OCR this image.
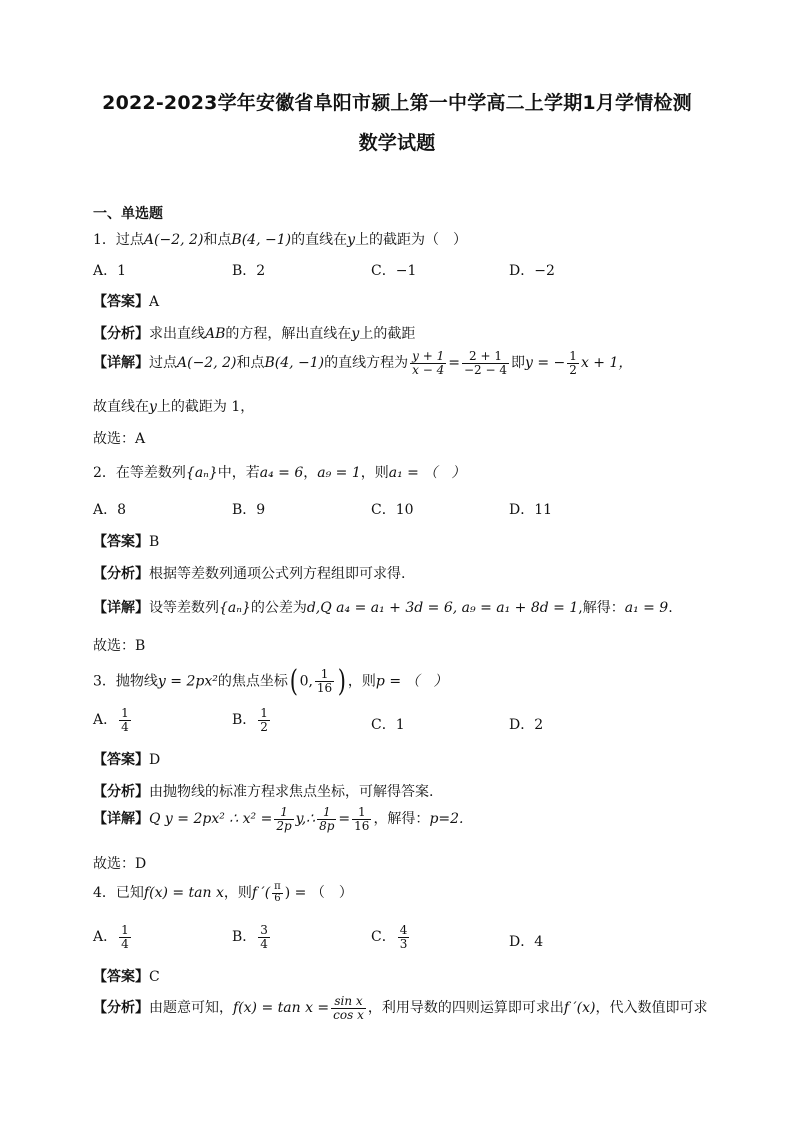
2022-2023学年安徽省阜阳市颍上第一中学高二上学期1月学情检测
数学试题
一、单选题
1．过点A(−2, 2)和点B(4, −1)的直线在y上的截距为（　）
A．1	B．2	C．−1	D．−2
【答案】A
【分析】求出直线AB的方程，解出直线在y上的截距
【详解】过点A(−2, 2)和点B(4, −1)的直线方程为 $\frac{y + 1}{x - 4} = \frac{2 + 1}{-2 - 4}$ 即y = − $\frac{1}{2}$ x + 1，
故直线在y上的截距为 1，
故选：A
2．在等差数列{aₙ}中，若a₄ = 6，a₉ = 1，则a₁ = （　）
A．8	B．9	C．10	D．11
【答案】B
【分析】根据等差数列通项公式列方程组即可求得.
【详解】设等差数列{aₙ}的公差为d,Q a₄ = a₁ + 3d = 6, a₉ = a₁ + 8d = 1,解得：a₁ = 9.
故选：B
3．抛物线y = 2px²的焦点坐标( 0, $\frac{1}{16}$ ) ，则p = （　）
A． $\frac{1}{4}$	B． $\frac{1}{2}$	C．1	D．2
【答案】D
【分析】由抛物线的标准方程求焦点坐标，可解得答案.
【详解】Q y = 2px² ∴ $x^2 = \frac{1}{2p}$ y,∴ $\frac{1}{8p} = \frac{1}{16}$ ，解得：p=2.
故选：D
4．已知f(x) = tan x，则f ′( $\frac{\pi}{6}$ ) = （　）
A． $\frac{1}{4}$	B． $\frac{3}{4}$	C． $\frac{4}{3}$	D．4
【答案】C
【分析】由题意可知，$f(x) = \tan x = \frac{\text{sin x}}{\text{cos x}}$ ，利用导数的四则运算即可求出f ′(x)，代入数值即可求
